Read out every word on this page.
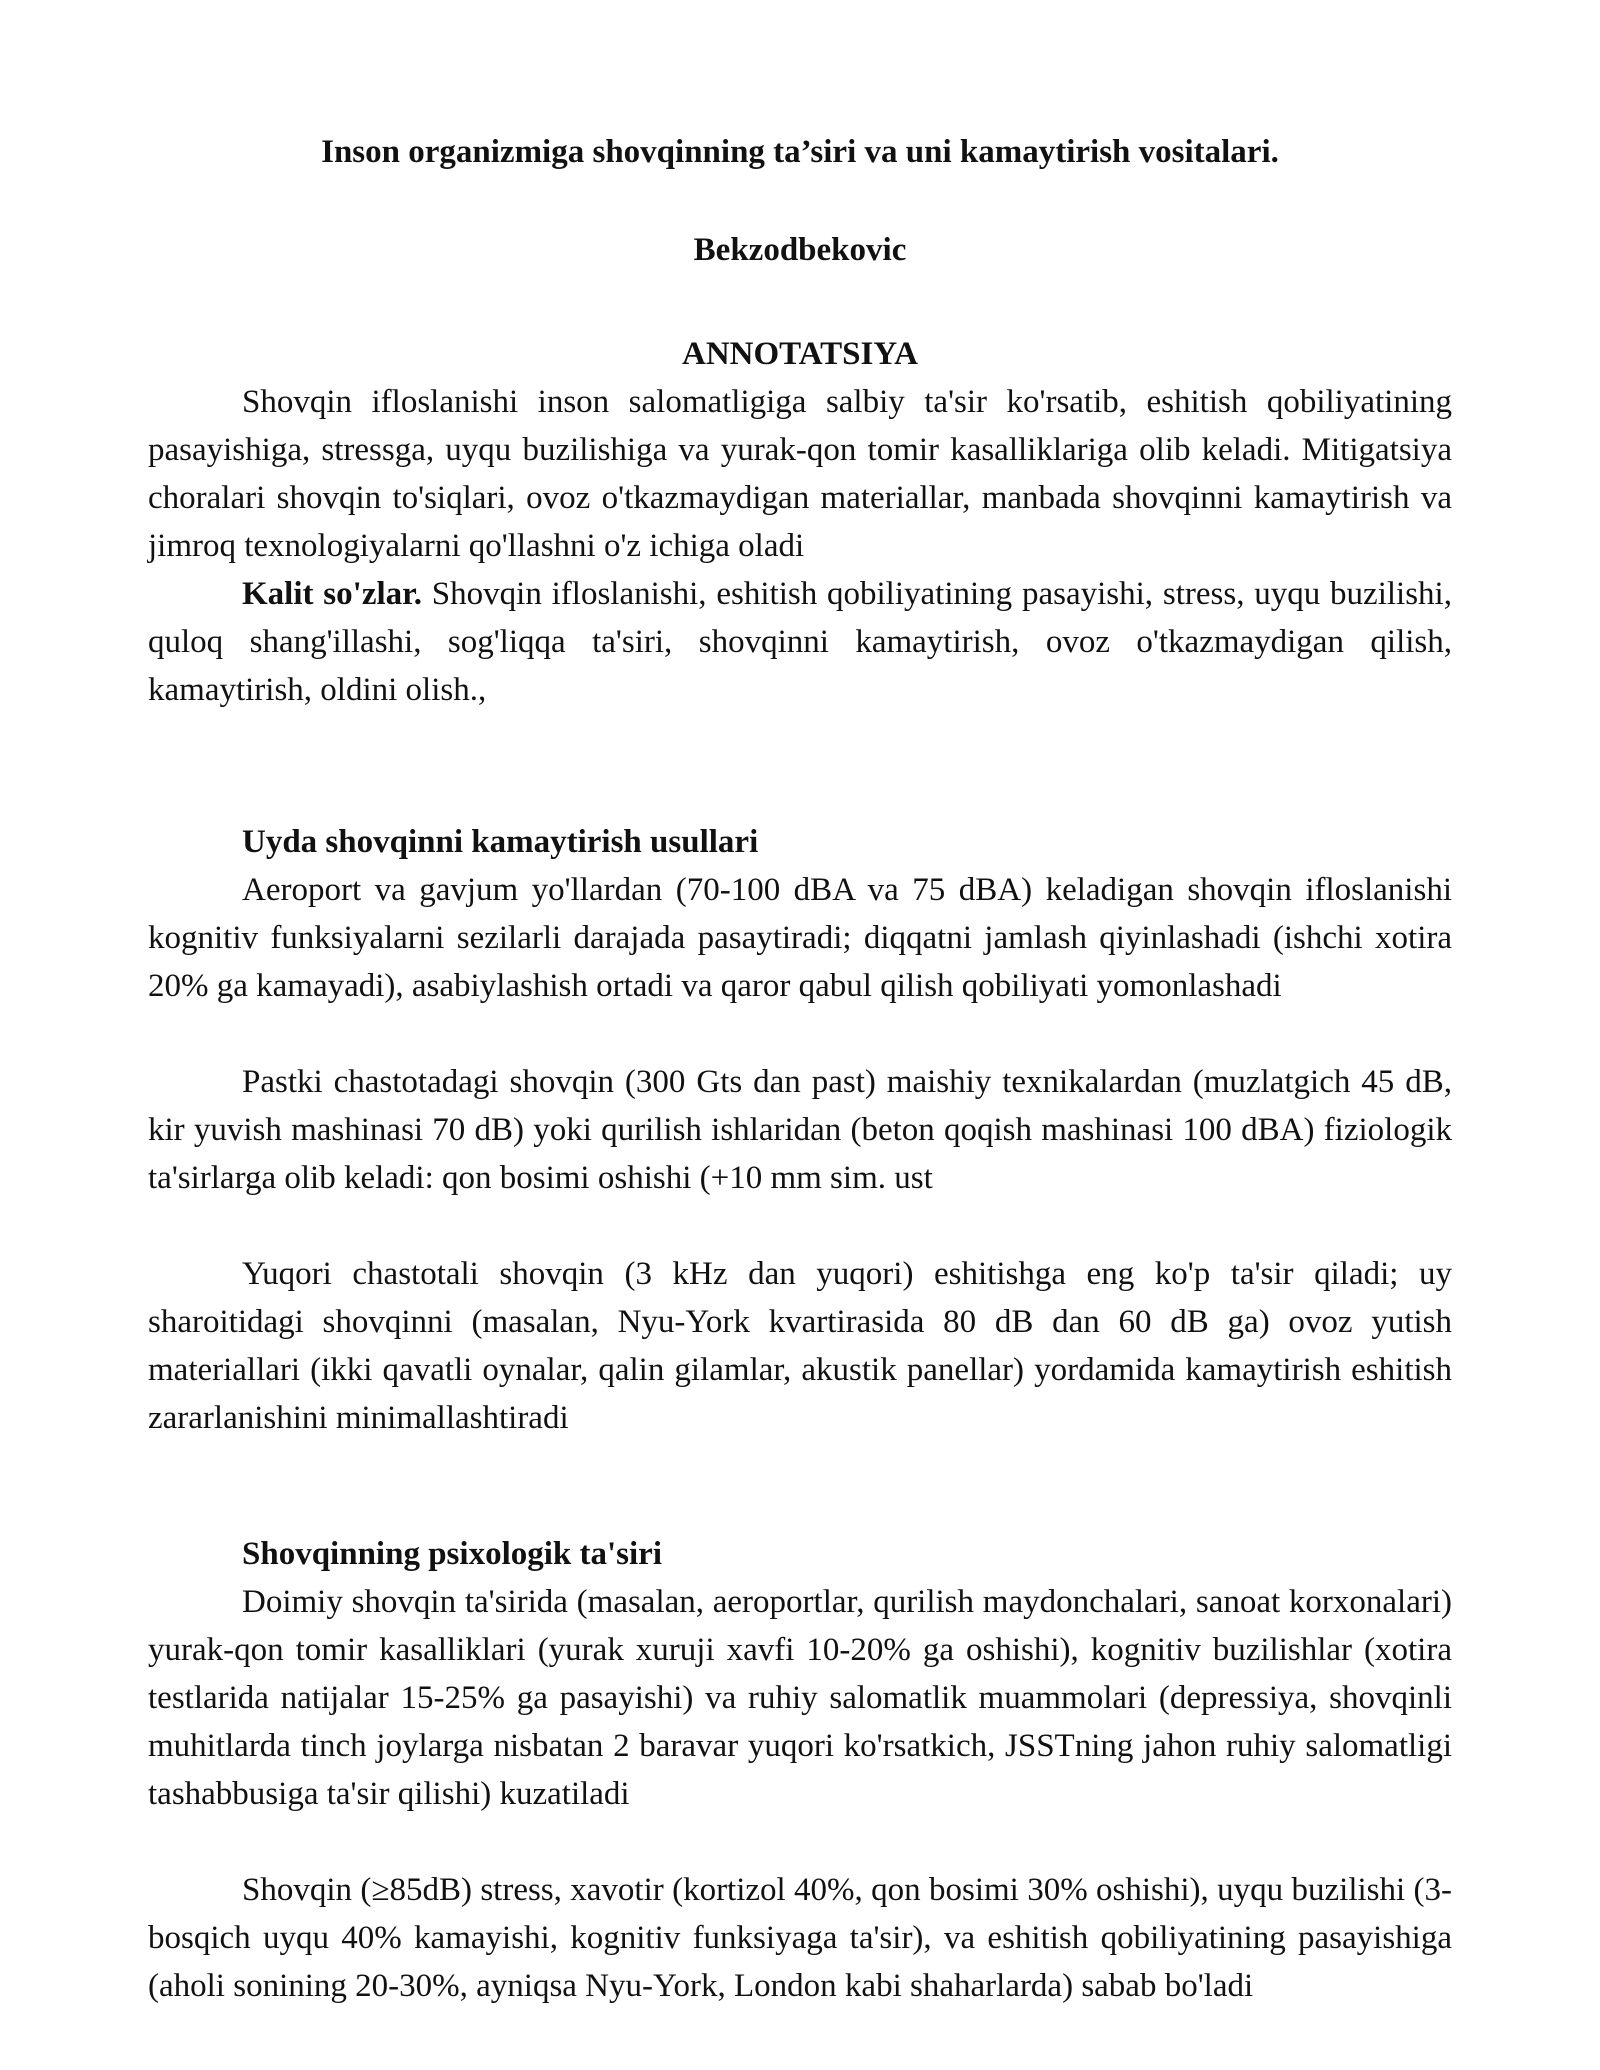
Inson organizmiga shovqinning ta’siri va uni kamaytirish vositalari.
Bekzodbekovic
ANNOTATSIYA

Shovqin ifloslanishi inson salomatligiga salbiy ta'sir ko'rsatib, eshitish qobiliyatining pasayishiga, stressga, uyqu buzilishiga va yurak-qon tomir kasalliklariga olib keladi. Mitigatsiya choralari shovqin to'siqlari, ovoz o'tkazmaydigan materiallar, manbada shovqinni kamaytirish va jimroq texnologiyalarni qo'llashni o'z ichiga oladi

Kalit so'zlar. Shovqin ifloslanishi, eshitish qobiliyatining pasayishi, stress, uyqu buzilishi, quloq shang'illashi, sog'liqqa ta'siri, shovqinni kamaytirish, ovoz o'tkazmaydigan qilish, kamaytirish, oldini olish.,

Uyda shovqinni kamaytirish usullari

Aeroport va gavjum yo'llardan (70-100 dBA va 75 dBA) keladigan shovqin ifloslanishi kognitiv funksiyalarni sezilarli darajada pasaytiradi; diqqatni jamlash qiyinlashadi (ishchi xotira 20% ga kamayadi), asabiylashish ortadi va qaror qabul qilish qobiliyati yomonlashadi

Pastki chastotadagi shovqin (300 Gts dan past) maishiy texnikalardan (muzlatgich 45 dB, kir yuvish mashinasi 70 dB) yoki qurilish ishlaridan (beton qoqish mashinasi 100 dBA) fiziologik ta'sirlarga olib keladi: qon bosimi oshishi (+10 mm sim. ust

Yuqori chastotali shovqin (3 kHz dan yuqori) eshitishga eng ko'p ta'sir qiladi; uy sharoitidagi shovqinni (masalan, Nyu-York kvartirasida 80 dB dan 60 dB ga) ovoz yutish materiallari (ikki qavatli oynalar, qalin gilamlar, akustik panellar) yordamida kamaytirish eshitish zararlanishini minimallashtiradi

Shovqinning psixologik ta'siri

Doimiy shovqin ta'sirida (masalan, aeroportlar, qurilish maydonchalari, sanoat korxonalari) yurak-qon tomir kasalliklari (yurak xuruji xavfi 10-20% ga oshishi), kognitiv buzilishlar (xotira testlarida natijalar 15-25% ga pasayishi) va ruhiy salomatlik muammolari (depressiya, shovqinli muhitlarda tinch joylarga nisbatan 2 baravar yuqori ko'rsatkich, JSSTning jahon ruhiy salomatligi tashabbusiga ta'sir qilishi) kuzatiladi

Shovqin (≥85dB) stress, xavotir (kortizol 40%, qon bosimi 30% oshishi), uyqu buzilishi (3-bosqich uyqu 40% kamayishi, kognitiv funksiyaga ta'sir), va eshitish qobiliyatining pasayishiga (aholi sonining 20-30%, ayniqsa Nyu-York, London kabi shaharlarda) sabab bo'ladi
